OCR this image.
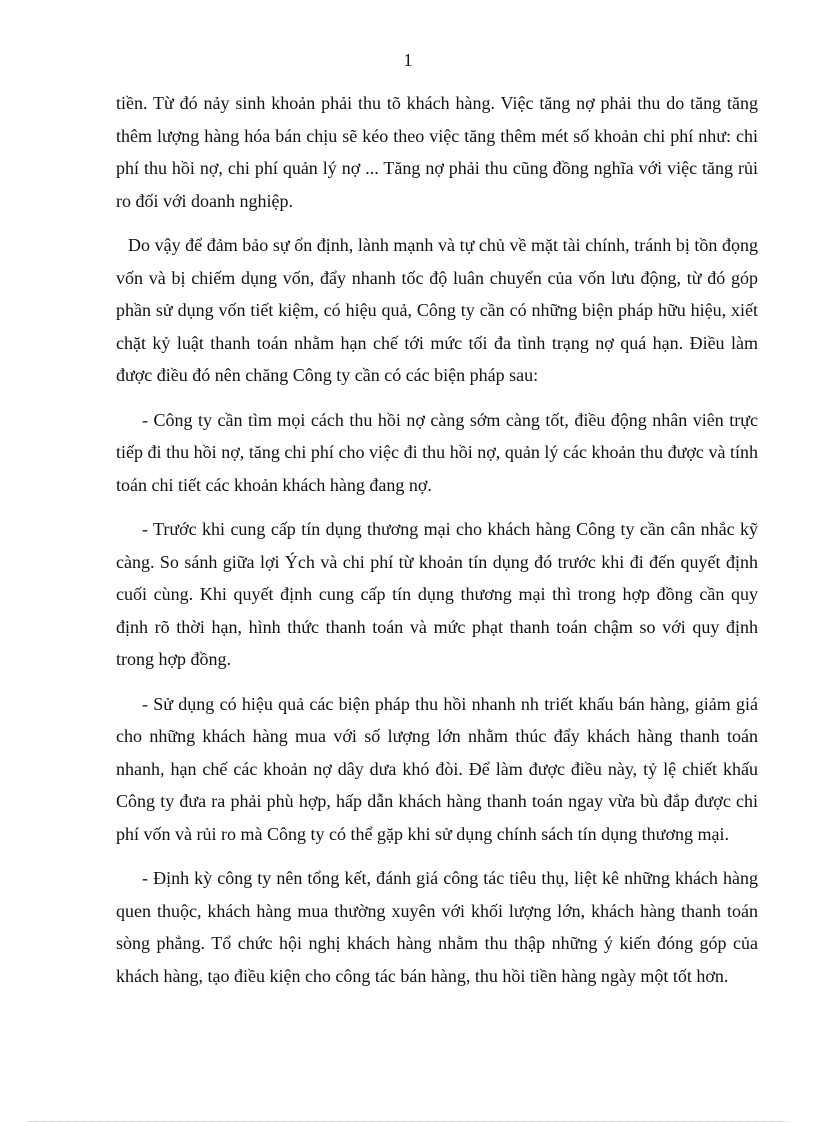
1

tiền. Từ đó nảy sinh khoản phải thu tõ khách hàng. Việc tăng nợ phải thu do tăng tăng thêm lượng hàng hóa bán chịu sẽ kéo theo việc tăng thêm mét số khoản chi phí như: chi phí thu hồi nợ, chi phí quản lý nợ ... Tăng nợ phải thu cũng đồng nghĩa với việc tăng rủi ro đối với doanh nghiệp.

Do vậy để đảm bảo sự ổn định, lành mạnh và tự chủ về mặt tài chính, tránh bị tồn đọng vốn và bị chiếm dụng vốn, đẩy nhanh tốc độ luân chuyển của vốn lưu động, từ đó góp phần sử dụng vốn tiết kiệm, có hiệu quả, Công ty cần có những biện pháp hữu hiệu, xiết chặt kỷ luật thanh toán nhằm hạn chế tới mức tối đa tình trạng nợ quá hạn. Điều làm được điều đó nên chăng Công ty cần có các biện pháp sau:

- Công ty cần tìm mọi cách thu hồi nợ càng sớm càng tốt, điều động nhân viên trực tiếp đi thu hồi nợ, tăng chi phí cho việc đi thu hồi nợ, quản lý các khoản thu được và tính toán chi tiết các khoản khách hàng đang nợ.

- Trước khi cung cấp tín dụng thương mại cho khách hàng Công ty cần cân nhắc kỹ càng. So sánh giữa lợi Ých và chi phí từ khoản tín dụng đó trước khi đi đến quyết định cuối cùng. Khi quyết định cung cấp tín dụng thương mại thì trong hợp đồng cần quy định rõ thời hạn, hình thức thanh toán và mức phạt thanh toán chậm so với quy định trong hợp đồng.

- Sử dụng có hiệu quả các biện pháp thu hồi nhanh nh triết khấu bán hàng, giảm giá cho những khách hàng mua với số lượng lớn nhằm thúc đẩy khách hàng thanh toán nhanh, hạn chế các khoản nợ dây dưa khó đòi. Để làm được điều này, tỷ lệ chiết khấu Công ty đưa ra phải phù hợp, hấp dẫn khách hàng thanh toán ngay vừa bù đắp được chi phí vốn và rủi ro mà Công ty có thể gặp khi sử dụng chính sách tín dụng thương mại.

- Định kỳ công ty nên tổng kết, đánh giá công tác tiêu thụ, liệt kê những khách hàng quen thuộc, khách hàng mua thường xuyên với khối lượng lớn, khách hàng thanh toán sòng phẳng. Tổ chức hội nghị khách hàng nhằm thu thập những ý kiến đóng góp của khách hàng, tạo điều kiện cho công tác bán hàng, thu hồi tiền hàng ngày một tốt hơn.
